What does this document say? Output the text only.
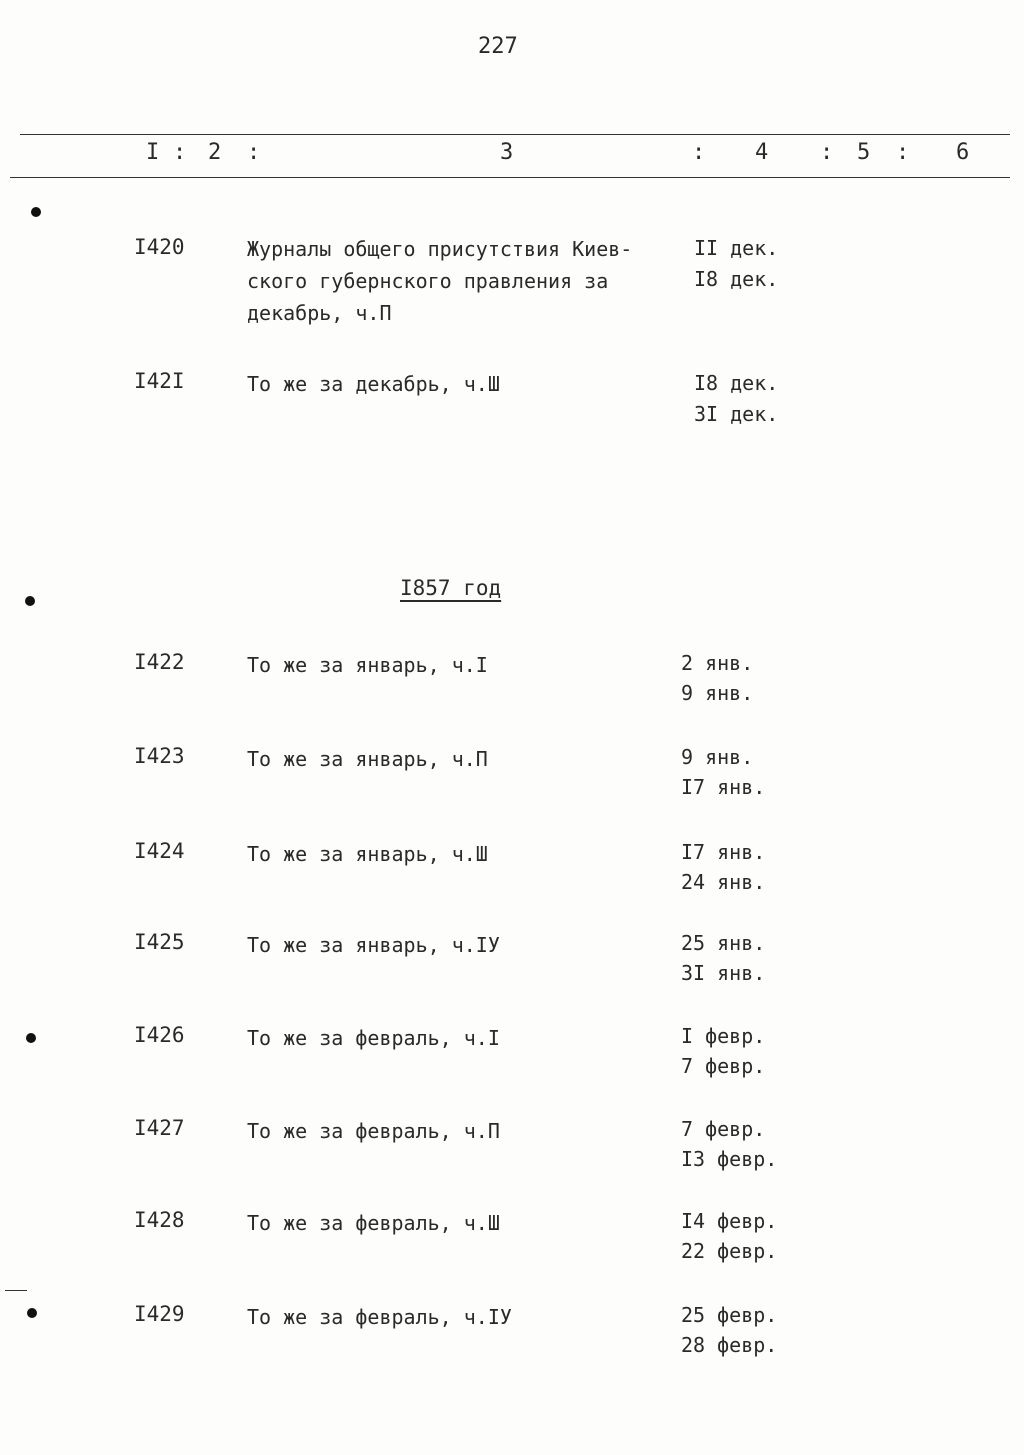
227
I : 2 :	3	: 4 : 5 : 6
I420	Журналы общего присутствия Киев-
ского губернского правления за
декабрь, ч.П
II дек.
I8 дек.
I42I	То же за декабрь, ч.Ш	I8 дек.
3I дек.
I857 год
I422	То же за январь, ч.I	2 янв.
9 янв.
I423	То же за январь, ч.П	9 янв.
I7 янв.
I424	То же за январь, ч.Ш	I7 янв.
24 янв.
I425	То же за январь, ч.IУ	25 янв.
3I янв.
I426	То же за февраль, ч.I	I февр.
7 февр.
I427	То же за февраль, ч.П	7 февр.
I3 февр.
I428	То же за февраль, ч.Ш	I4 февр.
22 февр.
I429	То же за февраль, ч.IУ	25 февр.
28 февр.
